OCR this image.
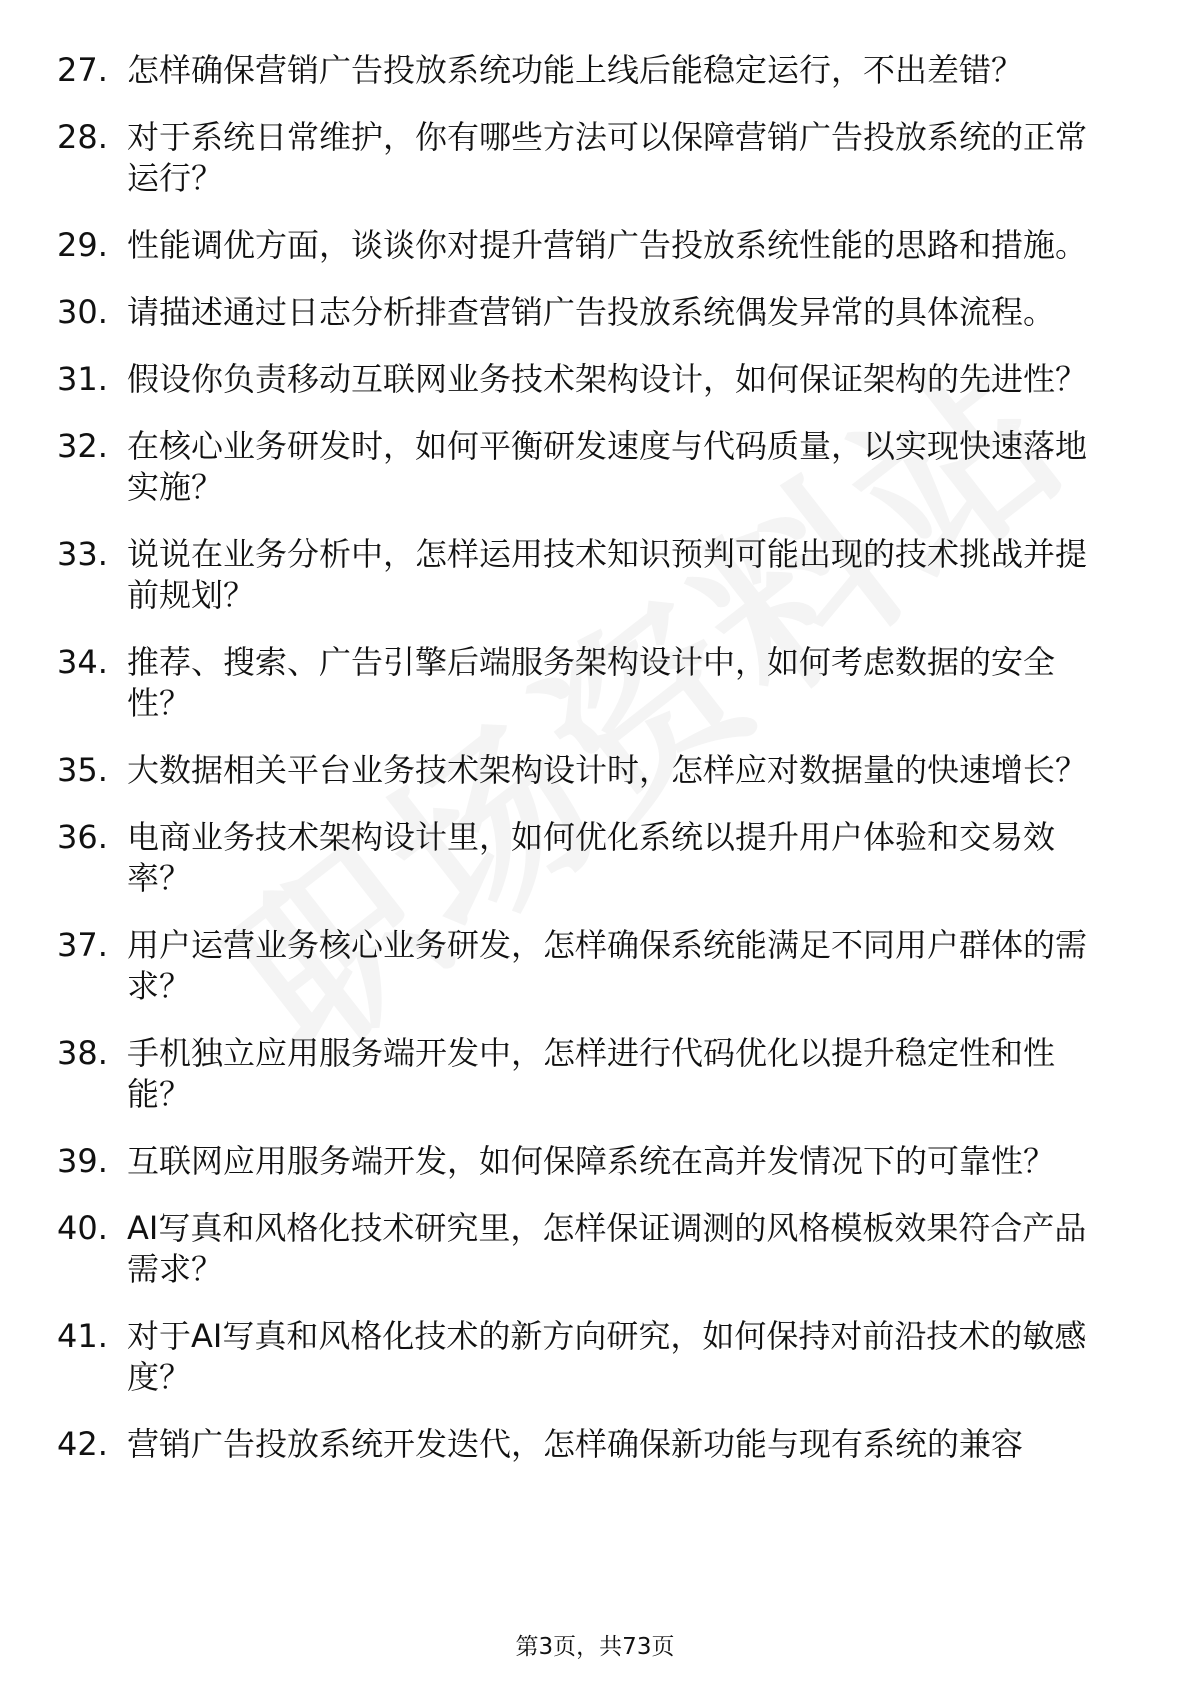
27. 怎样确保营销广告投放系统功能上线后能稳定运行，不出差错？
28. 对于系统日常维护，你有哪些方法可以保障营销广告投放系统的正常运行？
29. 性能调优方面，谈谈你对提升营销广告投放系统性能的思路和措施。
30. 请描述通过日志分析排查营销广告投放系统偶发异常的具体流程。
31. 假设你负责移动互联网业务技术架构设计，如何保证架构的先进性？
32. 在核心业务研发时，如何平衡研发速度与代码质量，以实现快速落地实施？
33. 说说在业务分析中，怎样运用技术知识预判可能出现的技术挑战并提前规划？
34. 推荐、搜索、广告引擎后端服务架构设计中，如何考虑数据的安全性？
35. 大数据相关平台业务技术架构设计时，怎样应对数据量的快速增长？
36. 电商业务技术架构设计里，如何优化系统以提升用户体验和交易效率？
37. 用户运营业务核心业务研发，怎样确保系统能满足不同用户群体的需求？
38. 手机独立应用服务端开发中，怎样进行代码优化以提升稳定性和性能？
39. 互联网应用服务端开发，如何保障系统在高并发情况下的可靠性？
40. AI写真和风格化技术研究里，怎样保证调测的风格模板效果符合产品需求？
41. 对于AI写真和风格化技术的新方向研究，如何保持对前沿技术的敏感度？
42. 营销广告投放系统开发迭代，怎样确保新功能与现有系统的兼容
第3页，共73页
